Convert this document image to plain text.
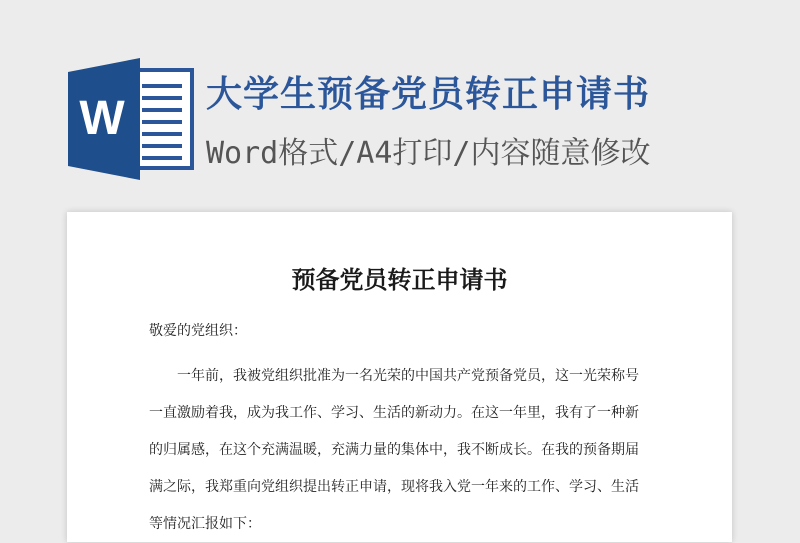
W 大学生预备党员转正申请书
Word格式/A4打印/内容随意修改
预备党员转正申请书
敬爱的党组织：
一年前，我被党组织批准为一名光荣的中国共产党预备党员，这一光荣称号
一直激励着我，成为我工作、学习、生活的新动力。在这一年里，我有了一种新
的归属感，在这个充满温暖，充满力量的集体中，我不断成长。在我的预备期届
满之际，我郑重向党组织提出转正申请，现将我入党一年来的工作、学习、生活
等情况汇报如下：
